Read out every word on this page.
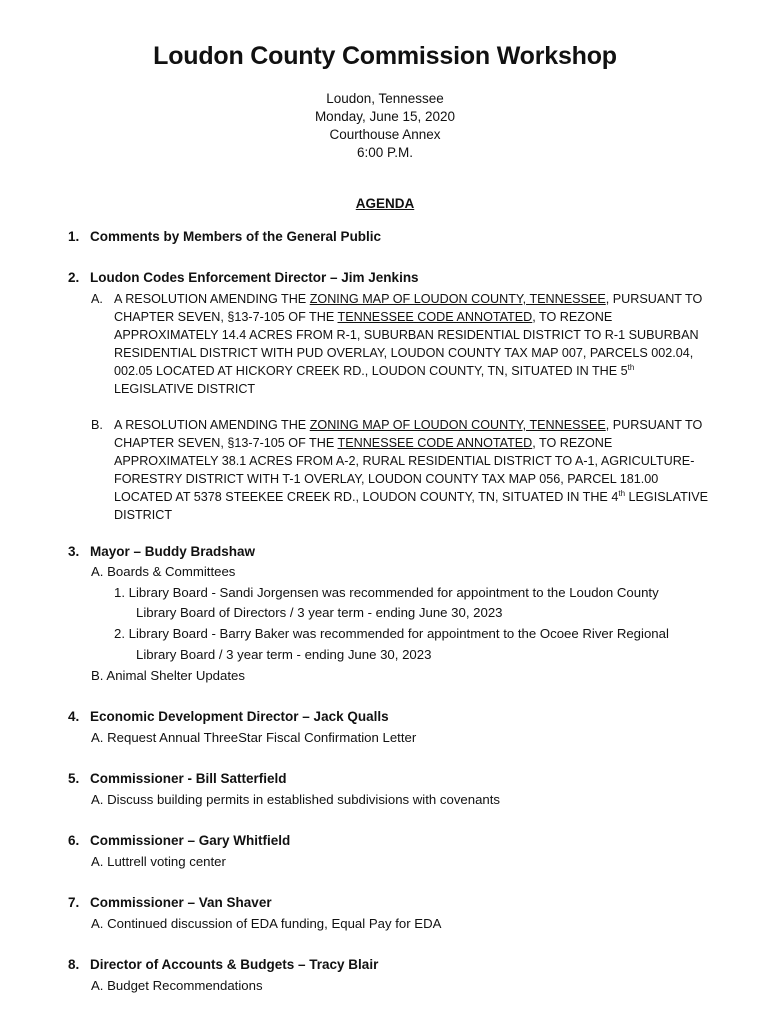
Loudon County Commission Workshop
Loudon, Tennessee
Monday, June 15, 2020
Courthouse Annex
6:00 P.M.
AGENDA
1. Comments by Members of the General Public
2. Loudon Codes Enforcement Director – Jim Jenkins
A. A RESOLUTION AMENDING THE ZONING MAP OF LOUDON COUNTY, TENNESSEE, PURSUANT TO CHAPTER SEVEN, §13-7-105 OF THE TENNESSEE CODE ANNOTATED, TO REZONE APPROXIMATELY 14.4 ACRES FROM R-1, SUBURBAN RESIDENTIAL DISTRICT TO R-1 SUBURBAN RESIDENTIAL DISTRICT WITH PUD OVERLAY, LOUDON COUNTY TAX MAP 007, PARCELS 002.04, 002.05 LOCATED AT HICKORY CREEK RD., LOUDON COUNTY, TN, SITUATED IN THE 5th LEGISLATIVE DISTRICT
B. A RESOLUTION AMENDING THE ZONING MAP OF LOUDON COUNTY, TENNESSEE, PURSUANT TO CHAPTER SEVEN, §13-7-105 OF THE TENNESSEE CODE ANNOTATED, TO REZONE APPROXIMATELY 38.1 ACRES FROM A-2, RURAL RESIDENTIAL DISTRICT TO A-1, AGRICULTURE-FORESTRY DISTRICT WITH T-1 OVERLAY, LOUDON COUNTY TAX MAP 056, PARCEL 181.00 LOCATED AT 5378 STEEKEE CREEK RD., LOUDON COUNTY, TN, SITUATED IN THE 4th LEGISLATIVE DISTRICT
3. Mayor – Buddy Bradshaw
A. Boards & Committees
1. Library Board - Sandi Jorgensen was recommended for appointment to the Loudon County
Library Board of Directors / 3 year term - ending June 30, 2023
2. Library Board - Barry Baker was recommended for appointment to the Ocoee River Regional
Library Board / 3 year term - ending June 30, 2023
B. Animal Shelter Updates
4. Economic Development Director – Jack Qualls
A. Request Annual ThreeStar Fiscal Confirmation Letter
5. Commissioner - Bill Satterfield
A. Discuss building permits in established subdivisions with covenants
6. Commissioner – Gary Whitfield
A. Luttrell voting center
7. Commissioner – Van Shaver
A. Continued discussion of EDA funding, Equal Pay for EDA
8. Director of Accounts & Budgets – Tracy Blair
A. Budget Recommendations
